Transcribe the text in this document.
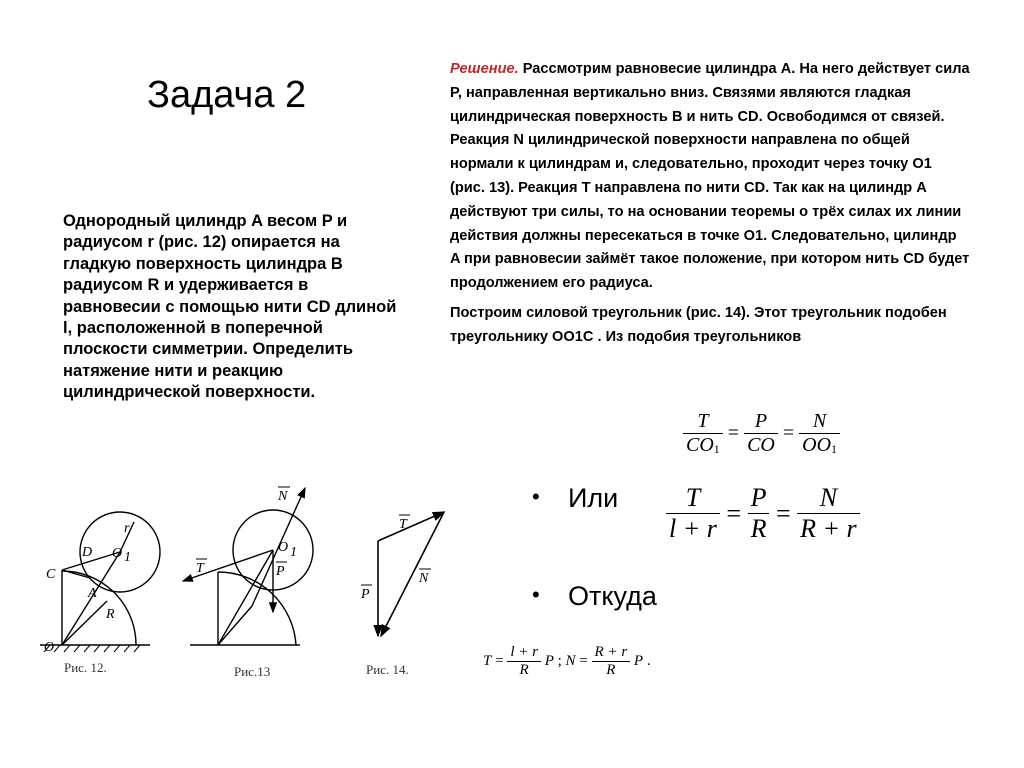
Задача 2
Однородный цилиндр A весом P и радиусом r (рис. 12) опирается на гладкую поверхность цилиндра B радиусом R и удерживается в равновесии с помощью нити CD длиной l, расположенной в поперечной плоскости симметрии. Определить натяжение нити и реакцию цилиндрической поверхности.

Решение. Рассмотрим равновесие цилиндра A. На него действует сила P, направленная вертикально вниз. Связями являются гладкая цилиндрическая поверхность B и нить CD. Освободимся от связей. Реакция N цилиндрической поверхности направлена по общей нормали к цилиндрам и, следовательно, проходит через точку O1 (рис. 13). Реакция T направлена по нити CD. Так как на цилиндр A действуют три силы, то на основании теоремы о трёх силах их линии действия должны пересекаться в точке O1. Следовательно, цилиндр A при равновесии займёт такое положение, при котором нить CD будет продолжением его радиуса.

Построим силовой треугольник (рис. 14). Этот треугольник подобен треугольнику OO1C . Из подобия треугольников

$\frac{T}{CO1} = \frac{P}{CO} = \frac{N}{OO1}$
• Или $\frac{T}{l + r} = \frac{P}{R} = \frac{N}{R + r}$
• Откуда
$T = \frac{l + r}{R}$ P ; $N = \frac{R + r}{R}$ P .
C
O
D O 1
r
A
R
Рис. 12.
N
T	P
O 1
Рис.13
T
N
P
Рис. 14.
